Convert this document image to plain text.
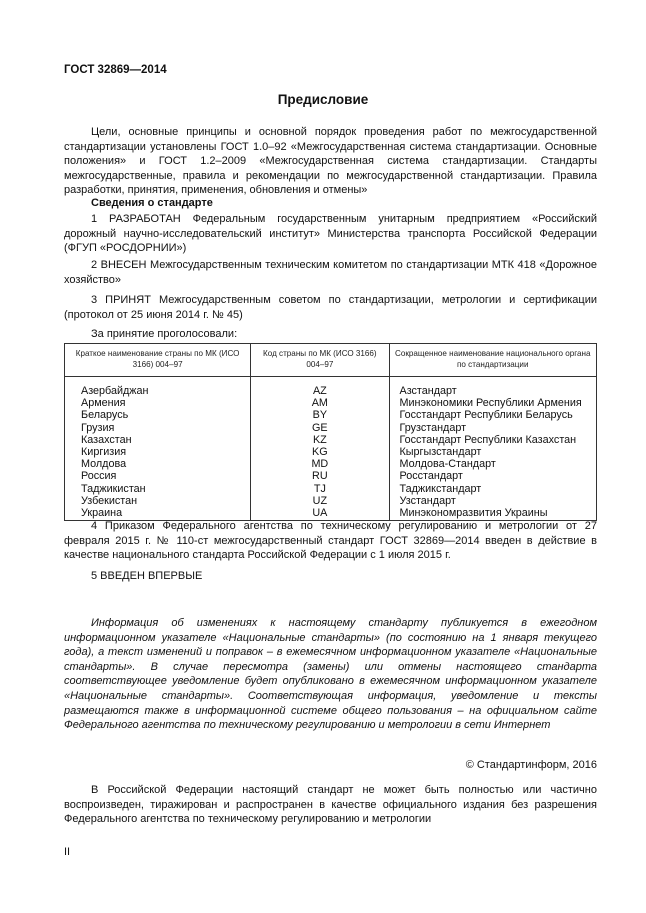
ГОСТ 32869—2014
Предисловие
Цели, основные принципы и основной порядок проведения работ по межгосударственной стандартизации установлены ГОСТ 1.0–92 «Межгосударственная система стандартизации. Основные положения» и ГОСТ 1.2–2009 «Межгосударственная система стандартизации. Стандарты межгосударственные, правила и рекомендации по межгосударственной стандартизации. Правила разработки, принятия, применения, обновления и отмены»
Сведения о стандарте
1 РАЗРАБОТАН Федеральным государственным унитарным предприятием «Российский дорожный научно-исследовательский институт» Министерства транспорта Российской Федерации (ФГУП «РОСДОРНИИ»)
2 ВНЕСЕН Межгосударственным техническим комитетом по стандартизации МТК 418 «Дорожное хозяйство»
3 ПРИНЯТ Межгосударственным советом по стандартизации, метрологии и сертификации (протокол от 25 июня 2014 г. № 45)
За принятие проголосовали:
Краткое наименование страны по МК (ИСО 3166) 004–97	Код страны по МК (ИСО 3166) 004–97	Сокращенное наименование национального органа по стандартизации
Азербайджан	AZ	Азстандарт
Армения	AM	Минэкономики Республики Армения
Беларусь	BY	Госстандарт Республики Беларусь
Грузия	GE	Грузстандарт
Казахстан	KZ	Госстандарт Республики Казахстан
Киргизия	KG	Кыргызстандарт
Молдова	MD	Молдова-Стандарт
Россия	RU	Росстандарт
Таджикистан	TJ	Таджикстандарт
Узбекистан	UZ	Узстандарт
Украина	UA	Минэкономразвития Украины
4 Приказом Федерального агентства по техническому регулированию и метрологии от 27 февраля 2015 г. № 110-ст межгосударственный стандарт ГОСТ 32869—2014 введен в действие в качестве национального стандарта Российской Федерации с 1 июля 2015 г.
5 ВВЕДЕН ВПЕРВЫЕ
Информация об изменениях к настоящему стандарту публикуется в ежегодном информационном указателе «Национальные стандарты» (по состоянию на 1 января текущего года), а текст изменений и поправок – в ежемесячном информационном указателе «Национальные стандарты». В случае пересмотра (замены) или отмены настоящего стандарта соответствующее уведомление будет опубликовано в ежемесячном информационном указателе «Национальные стандарты». Соответствующая информация, уведомление и тексты размещаются также в информационной системе общего пользования – на официальном сайте Федерального агентства по техническому регулированию и метрологии в сети Интернет
© Стандартинформ, 2016
В Российской Федерации настоящий стандарт не может быть полностью или частично воспроизведен, тиражирован и распространен в качестве официального издания без разрешения Федерального агентства по техническому регулированию и метрологии
II
